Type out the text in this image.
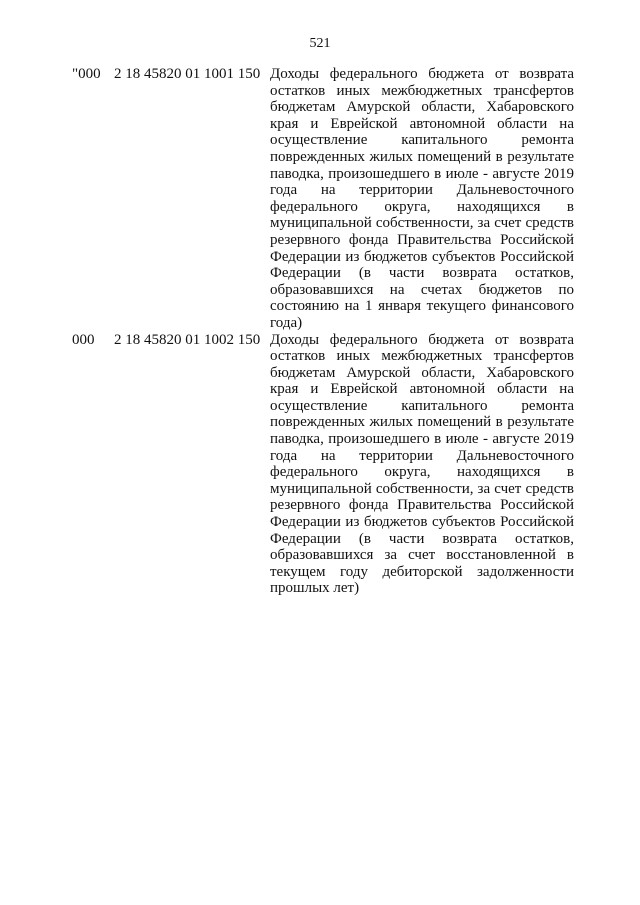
521
"000 2 18 45820 01 1001 150 Доходы федерального бюджета от возврата остатков иных межбюджетных трансфертов бюджетам Амурской области, Хабаровского края и Еврейской автономной области на осуществление капитального ремонта поврежденных жилых помещений в результате паводка, произошедшего в июле - августе 2019 года на территории Дальневосточного федерального округа, находящихся в муниципальной собственности, за счет средств резервного фонда Правительства Российской Федерации из бюджетов субъектов Российской Федерации (в части возврата остатков, образовавшихся на счетах бюджетов по состоянию на 1 января текущего финансового года)
000	2 18 45820 01 1002 150 Доходы федерального бюджета от возврата остатков иных межбюджетных трансфертов бюджетам Амурской области, Хабаровского края и Еврейской автономной области на осуществление капитального ремонта поврежденных жилых помещений в результате паводка, произошедшего в июле - августе 2019 года на территории Дальневосточного федерального округа, находящихся в муниципальной собственности, за счет средств резервного фонда Правительства Российской Федерации из бюджетов субъектов Российской Федерации (в части возврата остатков, образовавшихся за счет восстановленной в текущем году дебиторской задолженности прошлых лет)
